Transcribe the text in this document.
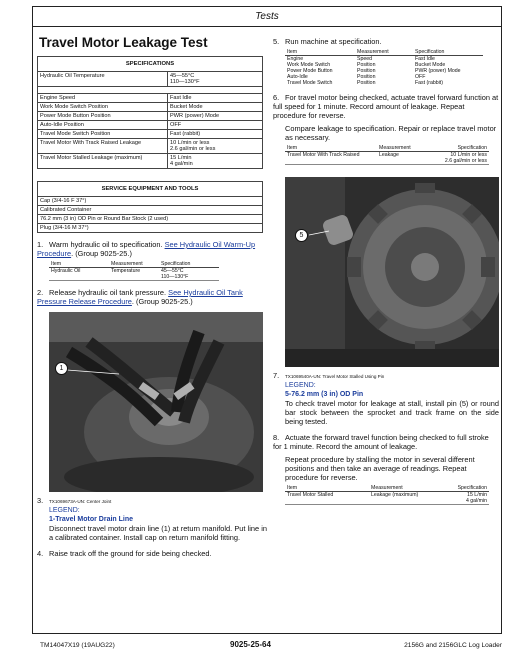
Tests
Travel Motor Leakage Test
SPECIFICATIONS	
Hydraulic Oil Temperature	45—55°C
110—130°F

Engine Speed	Fast Idle
Work Mode Switch Position	Bucket Mode
Power Mode Button Position	PWR (power) Mode
Auto-Idle Position	OFF
Travel Mode Switch Position	Fast (rabbit)
Travel Motor With Track Raised Leakage	10 L/min or less
2.6 gal/min or less
Travel Motor Stalled Leakage (maximum)	15 L/min
4 gal/min
SERVICE EQUIPMENT AND TOOLS
Cap (3/4-16 F 37°)
Calibrated Container
76.2 mm (3 in) OD Pin or Round Bar Stock (2 used)
Plug (3/4-16 M 37°)
1. Warm hydraulic oil to specification. See Hydraulic Oil Warm-Up Procedure. (Group 9025-25.)
Item	Measurement	Specification
Hydraulic Oil	Temperature	45—55°C
110—130°F
2. Release hydraulic oil tank pressure. See Hydraulic Oil Tank Pressure Release Procedure. (Group 9025-25.)
1
3. TX1069673A-UN: Center Joint
LEGEND:
1-Travel Motor Drain Line
Disconnect travel motor drain line (1) at return manifold. Put line in a calibrated container. Install cap on return manifold fitting.
4. Raise track off the ground for side being checked.
5. Run machine at specification.
Item	Measurement	Specification
Engine	Speed	Fast Idle
Work Mode Switch	Position	Bucket Mode
Power Mode Button	Position	PWR (power) Mode
Auto-Idle	Position	OFF
Travel Mode Switch	Position	Fast (rabbit)
6. For travel motor being checked, actuate travel forward function at full speed for 1 minute. Record amount of leakage. Repeat procedure for reverse.
Compare leakage to specification. Repair or replace travel motor as necessary.
Item	Measurement	Specification
Travel Motor With Track Raised	Leakage	10 L/min or less
2.6 gal/min or less
5
7. TX1069540A-UN: Travel Motor Stalled Using Pin
LEGEND:
5-76.2 mm (3 in) OD Pin
To check travel motor for leakage at stall, install pin (5) or round bar stock between the sprocket and track frame on the side being tested.
8. Actuate the forward travel function being checked to full stroke for 1 minute. Record the amount of leakage.
Repeat procedure by stalling the motor in several different positions and then take an average of readings. Repeat procedure for reverse.
Item	Measurement	Specification
Travel Motor Stalled	Leakage (maximum)	15 L/min
4 gal/min
TM14047X19 (19AUG22)	9025-25-64	2156G and 2156GLC Log Loader
